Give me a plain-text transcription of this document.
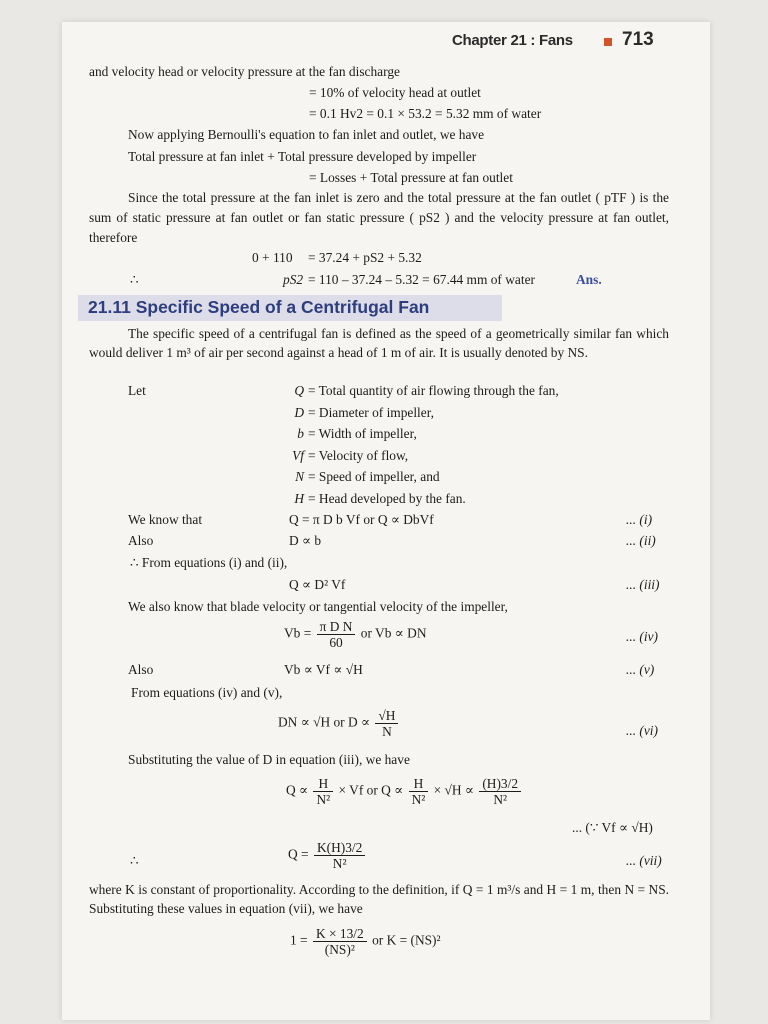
Chapter 21 : Fans	713
and velocity head or velocity pressure at the fan discharge
= 10% of velocity head at outlet
= 0.1 Hv2 = 0.1 × 53.2 = 5.32 mm of water
Now applying Bernoulli's equation to fan inlet and outlet, we have
Total pressure at fan inlet + Total pressure developed by impeller
= Losses + Total pressure at fan outlet
Since the total pressure at the fan inlet is zero and the total pressure at the fan outlet ( pTF ) is the sum of static pressure at fan outlet or fan static pressure ( pS2 ) and the velocity pressure at fan outlet, therefore
0 + 110 = 37.24 + pS2 + 5.32
∴	pS2 = 110 – 37.24 – 5.32 = 67.44 mm of water	Ans.
21.11 Specific Speed of a Centrifugal Fan
The specific speed of a centrifugal fan is defined as the speed of a geometrically similar fan which would deliver 1 m³ of air per second against a head of 1 m of air. It is usually denoted by NS.
Let	Q = Total quantity of air flowing through the fan,
D = Diameter of impeller,
b = Width of impeller,
Vf = Velocity of flow,
N = Speed of impeller, and
H = Head developed by the fan.
We know that	Q = π D b Vf or Q ∝ DbVf	... (i)
Also	D ∝ b	... (ii)
∴ From equations (i) and (ii),
Q ∝ D² Vf	... (iii)
We also know that blade velocity or tangential velocity of the impeller,
$Vb = \frac{\text{π D N}}{60}$ or Vb ∝ DN	... (iv)
Also	Vb ∝ Vf ∝ √H	... (v)
From equations (iv) and (v),
DN ∝ √H or $D \propto \frac{√H}{N}$	... (vi)
Substituting the value of D in equation (iii), we have
$Q \propto \frac{H}{\text{N²}} \times Vf$ or $Q \propto \frac{H}{\text{N²}} \times √H \propto \frac{(H)3/2}{\text{N²}}$
... (∵ Vf ∝ √H)
∴	$Q = \frac{K(H)3/2}{\text{N²}}$	... (vii)
where K is constant of proportionality. According to the definition, if Q = 1 m³/s and H = 1 m, then N = NS. Substituting these values in equation (vii), we have
$1 = \frac{K \times 13/2}{\text{(NS)²}}$ or K = (NS)²
